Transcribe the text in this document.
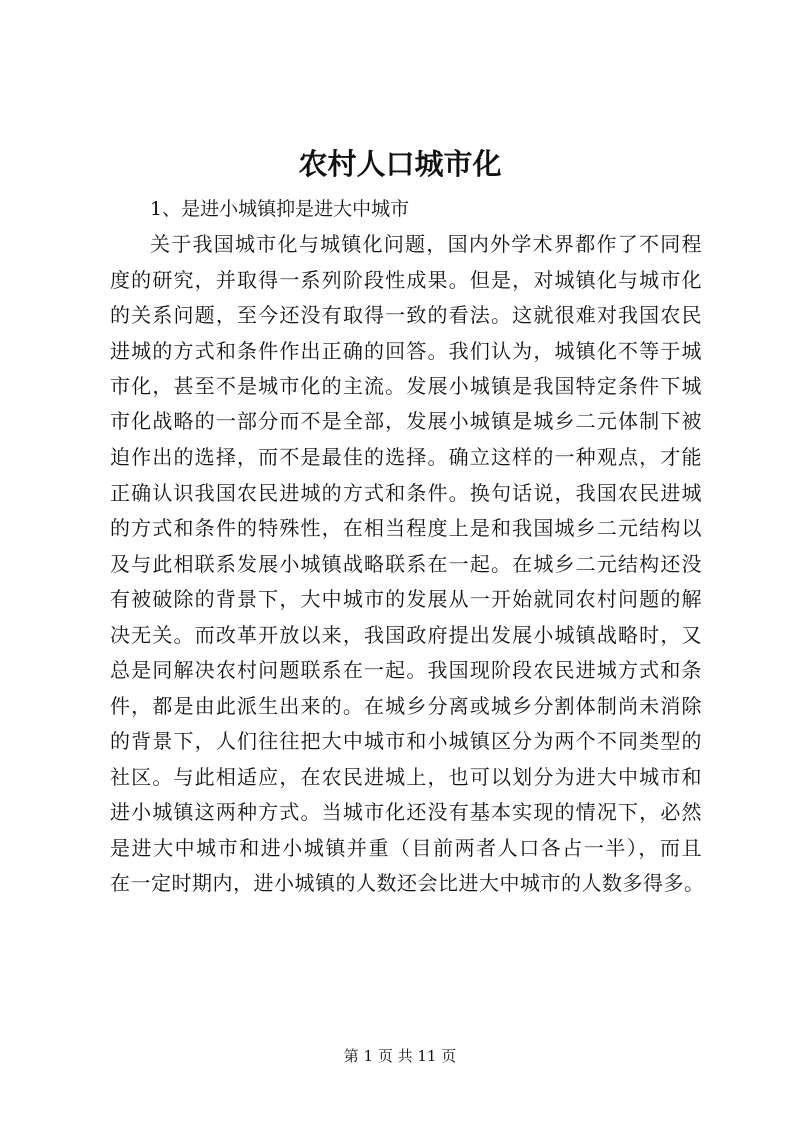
农村人口城市化

1、是进小城镇抑是进大中城市

关于我国城市化与城镇化问题，国内外学术界都作了不同程
度的研究，并取得一系列阶段性成果。但是，对城镇化与城市化
的关系问题，至今还没有取得一致的看法。这就很难对我国农民
进城的方式和条件作出正确的回答。我们认为，城镇化不等于城
市化，甚至不是城市化的主流。发展小城镇是我国特定条件下城
市化战略的一部分而不是全部，发展小城镇是城乡二元体制下被
迫作出的选择，而不是最佳的选择。确立这样的一种观点，才能
正确认识我国农民进城的方式和条件。换句话说，我国农民进城
的方式和条件的特殊性，在相当程度上是和我国城乡二元结构以
及与此相联系发展小城镇战略联系在一起。在城乡二元结构还没
有被破除的背景下，大中城市的发展从一开始就同农村问题的解
决无关。而改革开放以来，我国政府提出发展小城镇战略时，又
总是同解决农村问题联系在一起。我国现阶段农民进城方式和条
件，都是由此派生出来的。在城乡分离或城乡分割体制尚未消除
的背景下，人们往往把大中城市和小城镇区分为两个不同类型的
社区。与此相适应，在农民进城上，也可以划分为进大中城市和
进小城镇这两种方式。当城市化还没有基本实现的情况下，必然
是进大中城市和进小城镇并重（目前两者人口各占一半），而且
在一定时期内，进小城镇的人数还会比进大中城市的人数多得多。
第 1 页 共 11 页
